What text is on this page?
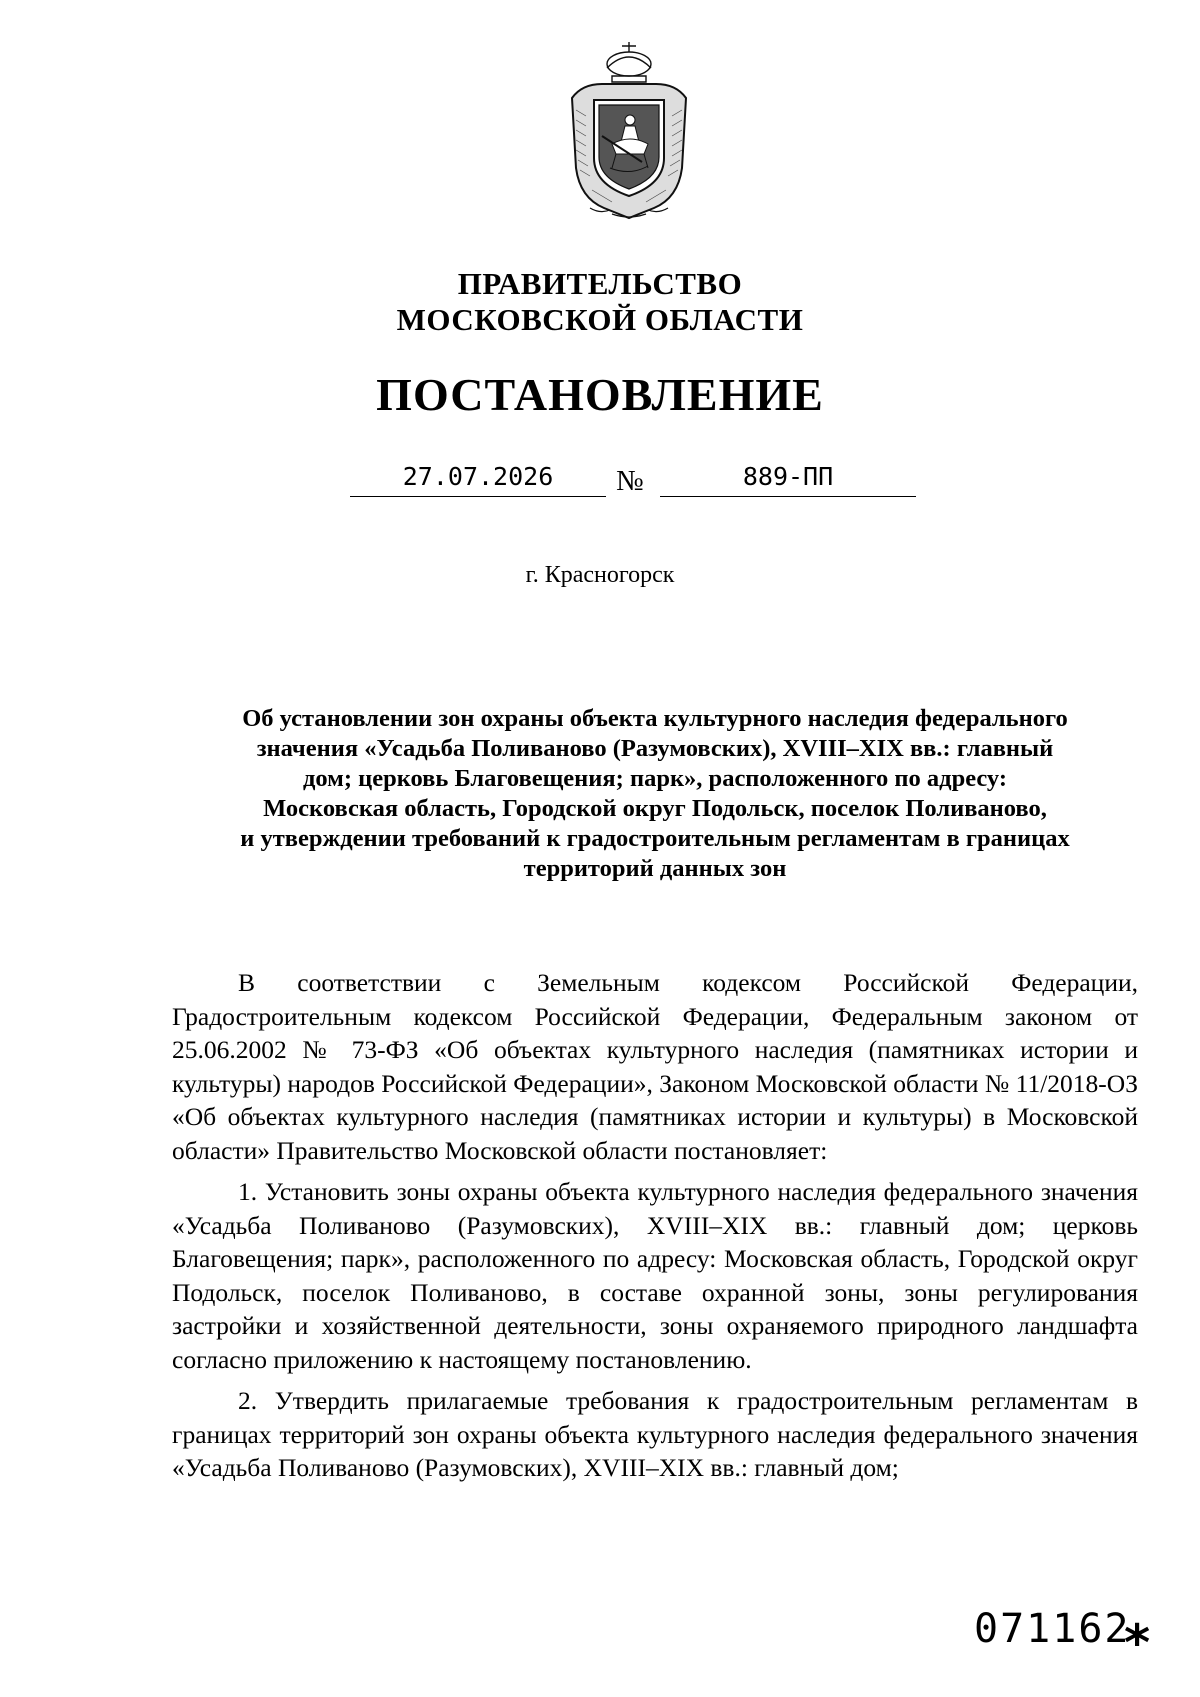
ПРАВИТЕЛЬСТВО
МОСКОВСКОЙ ОБЛАСТИ
ПОСТАНОВЛЕНИЕ
27.07.2026	№	889-ПП
г. Красногорск
Об установлении зон охраны объекта культурного наследия федерального
значения «Усадьба Поливаново (Разумовских), XVIII–XIX вв.: главный
дом; церковь Благовещения; парк», расположенного по адресу:
Московская область, Городской округ Подольск, поселок Поливаново,
и утверждении требований к градостроительным регламентам в границах
территорий данных зон

В соответствии с Земельным кодексом Российской Федерации, Градостроительным кодексом Российской Федерации, Федеральным законом от 25.06.2002 № 73-ФЗ «Об объектах культурного наследия (памятниках истории и культуры) народов Российской Федерации», Законом Московской области № 11/2018-ОЗ «Об объектах культурного наследия (памятниках истории и культуры) в Московской области» Правительство Московской области постановляет:

1. Установить зоны охраны объекта культурного наследия федерального значения «Усадьба Поливаново (Разумовских), XVIII–XIX вв.: главный дом; церковь Благовещения; парк», расположенного по адресу: Московская область, Городской округ Подольск, поселок Поливаново, в составе охранной зоны, зоны регулирования застройки и хозяйственной деятельности, зоны охраняемого природного ландшафта согласно приложению к настоящему постановлению.

2. Утвердить прилагаемые требования к градостроительным регламентам в границах территорий зон охраны объекта культурного наследия федерального значения «Усадьба Поливаново (Разумовских), XVIII–XIX вв.: главный дом;

071162
*
